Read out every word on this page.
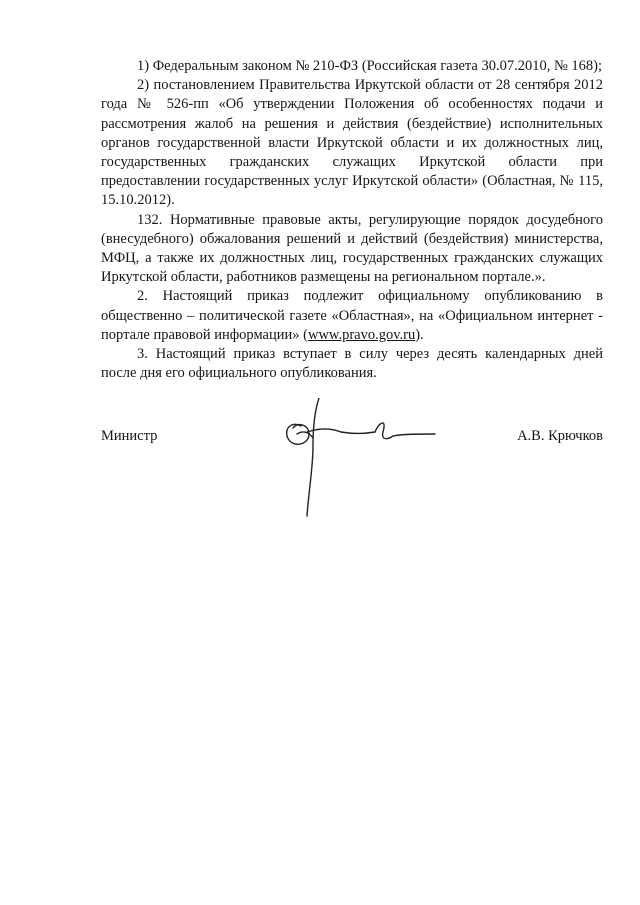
1) Федеральным законом № 210-ФЗ (Российская газета 30.07.2010, № 168);

2) постановлением Правительства Иркутской области от 28 сентября 2012 года № 526-пп «Об утверждении Положения об особенностях подачи и рассмотрения жалоб на решения и действия (бездействие) исполнительных органов государственной власти Иркутской области и их должностных лиц, государственных гражданских служащих Иркутской области при предоставлении государственных услуг Иркутской области» (Областная, № 115, 15.10.2012).

132. Нормативные правовые акты, регулирующие порядок досудебного (внесудебного) обжалования решений и действий (бездействия) министерства, МФЦ, а также их должностных лиц, государственных гражданских служащих Иркутской области, работников размещены на региональном портале.».

2. Настоящий приказ подлежит официальному опубликованию в общественно – политической газете «Областная», на «Официальном интернет - портале правовой информации» (www.pravo.gov.ru).

3. Настоящий приказ вступает в силу через десять календарных дней после дня его официального опубликования.

Министр	А.В. Крючков
